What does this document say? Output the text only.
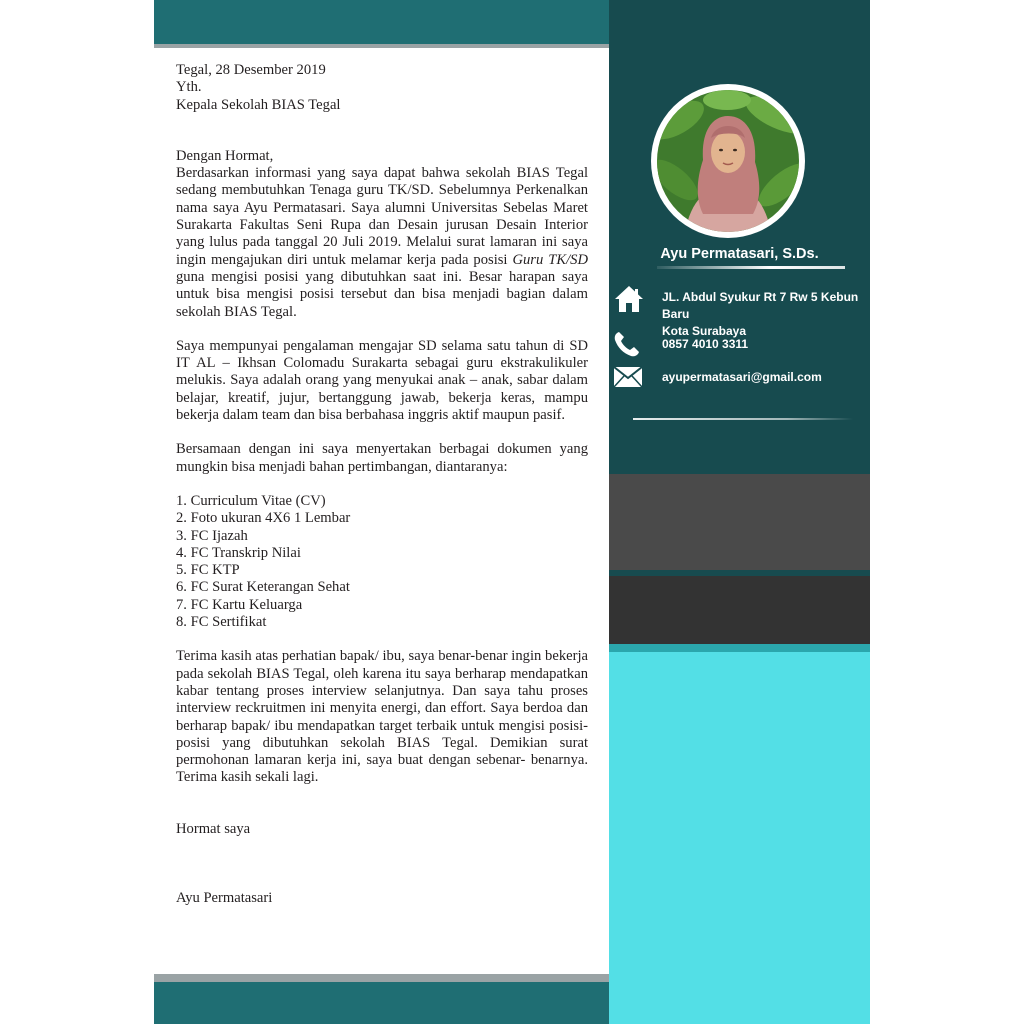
Tegal, 28 Desember 2019

Yth.

Kepala Sekolah BIAS Tegal

Dengan Hormat,

Berdasarkan informasi yang saya dapat bahwa sekolah BIAS Tegal sedang membutuhkan Tenaga guru TK/SD. Sebelumnya Perkenalkan nama saya Ayu Permatasari. Saya alumni Universitas Sebelas Maret Surakarta Fakultas Seni Rupa dan Desain jurusan Desain Interior yang lulus pada tanggal 20 Juli 2019. Melalui surat lamaran ini saya ingin mengajukan diri untuk melamar kerja pada posisi Guru TK/SD guna mengisi posisi yang dibutuhkan saat ini. Besar harapan saya untuk bisa mengisi posisi tersebut dan bisa menjadi bagian dalam sekolah BIAS Tegal.

Saya mempunyai pengalaman mengajar SD selama satu tahun di SD IT AL – Ikhsan Colomadu Surakarta sebagai guru ekstrakulikuler melukis. Saya adalah orang yang menyukai anak – anak, sabar dalam belajar, kreatif, jujur, bertanggung jawab, bekerja keras, mampu bekerja dalam team dan bisa berbahasa inggris aktif maupun pasif.

Bersamaan dengan ini saya menyertakan berbagai dokumen yang mungkin bisa menjadi bahan pertimbangan, diantaranya:

1. Curriculum Vitae (CV)

2. Foto ukuran 4X6 1 Lembar

3. FC Ijazah

4. FC Transkrip Nilai

5. FC KTP

6. FC Surat Keterangan Sehat

7. FC Kartu Keluarga

8. FC Sertifikat

Terima kasih atas perhatian bapak/ ibu, saya benar-benar ingin bekerja pada sekolah BIAS Tegal, oleh karena itu saya berharap mendapatkan kabar tentang proses interview selanjutnya. Dan saya tahu proses interview reckruitmen ini menyita energi, dan effort. Saya berdoa dan berharap bapak/ ibu mendapatkan target terbaik untuk mengisi posisi-posisi yang dibutuhkan sekolah BIAS Tegal. Demikian surat permohonan lamaran kerja ini, saya buat dengan sebenar- benarnya. Terima kasih sekali lagi.

Hormat saya

Ayu Permatasari

Ayu Permatasari, S.Ds.
JL. Abdul Syukur Rt 7 Rw 5 Kebun Baru
Kota Surabaya
0857 4010 3311
ayupermatasari@gmail.com
